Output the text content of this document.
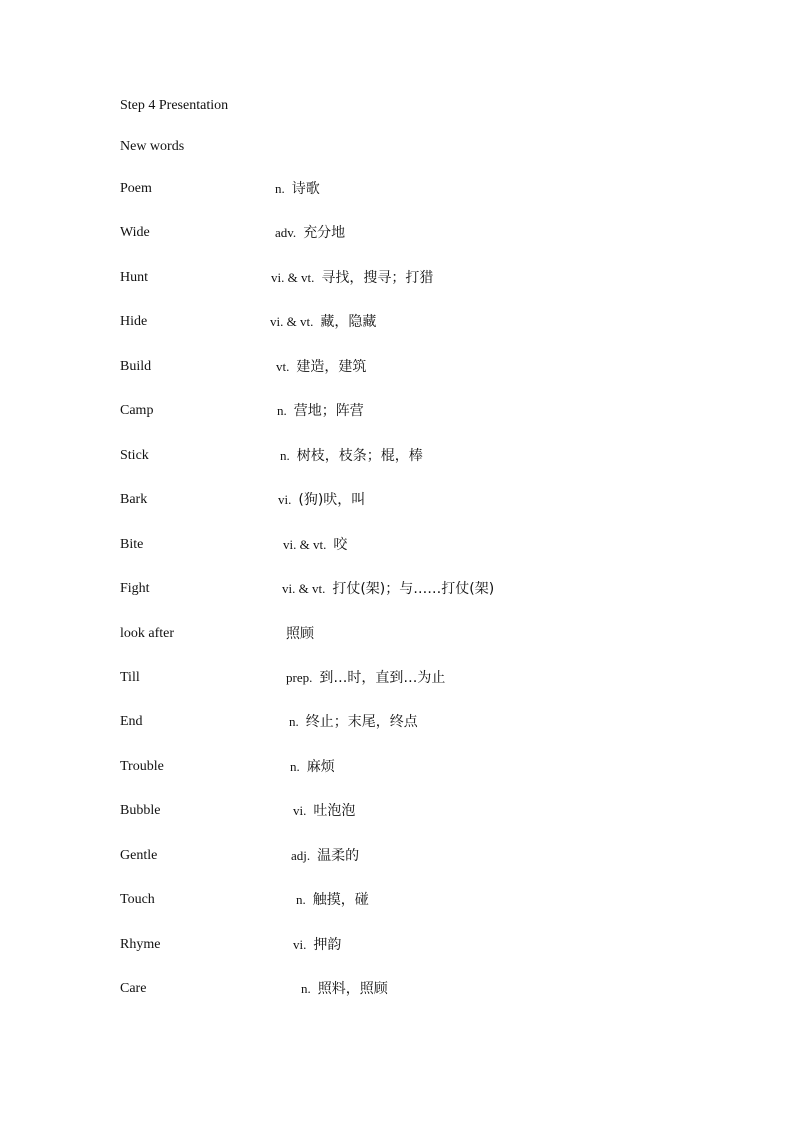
Step 4 Presentation
New words
Poem	n. 诗歌
Wide	adv. 充分地
Hunt	vi. & vt. 寻找，搜寻；打猎
Hide	vi. & vt. 藏，隐藏
Build	vt. 建造，建筑
Camp	n. 营地；阵营
Stick	n. 树枝，枝条；棍，棒
Bark	vi. (狗)吠，叫
Bite	vi. & vt. 咬
Fight	vi. & vt. 打仗(架)；与……打仗(架)
look after	照顾
Till	prep. 到…时，直到…为止
End	n. 终止；末尾，终点
Trouble	n. 麻烦
Bubble	vi. 吐泡泡
Gentle	adj. 温柔的
Touch	n. 触摸，碰
Rhyme	vi. 押韵
Care	n. 照料，照顾
